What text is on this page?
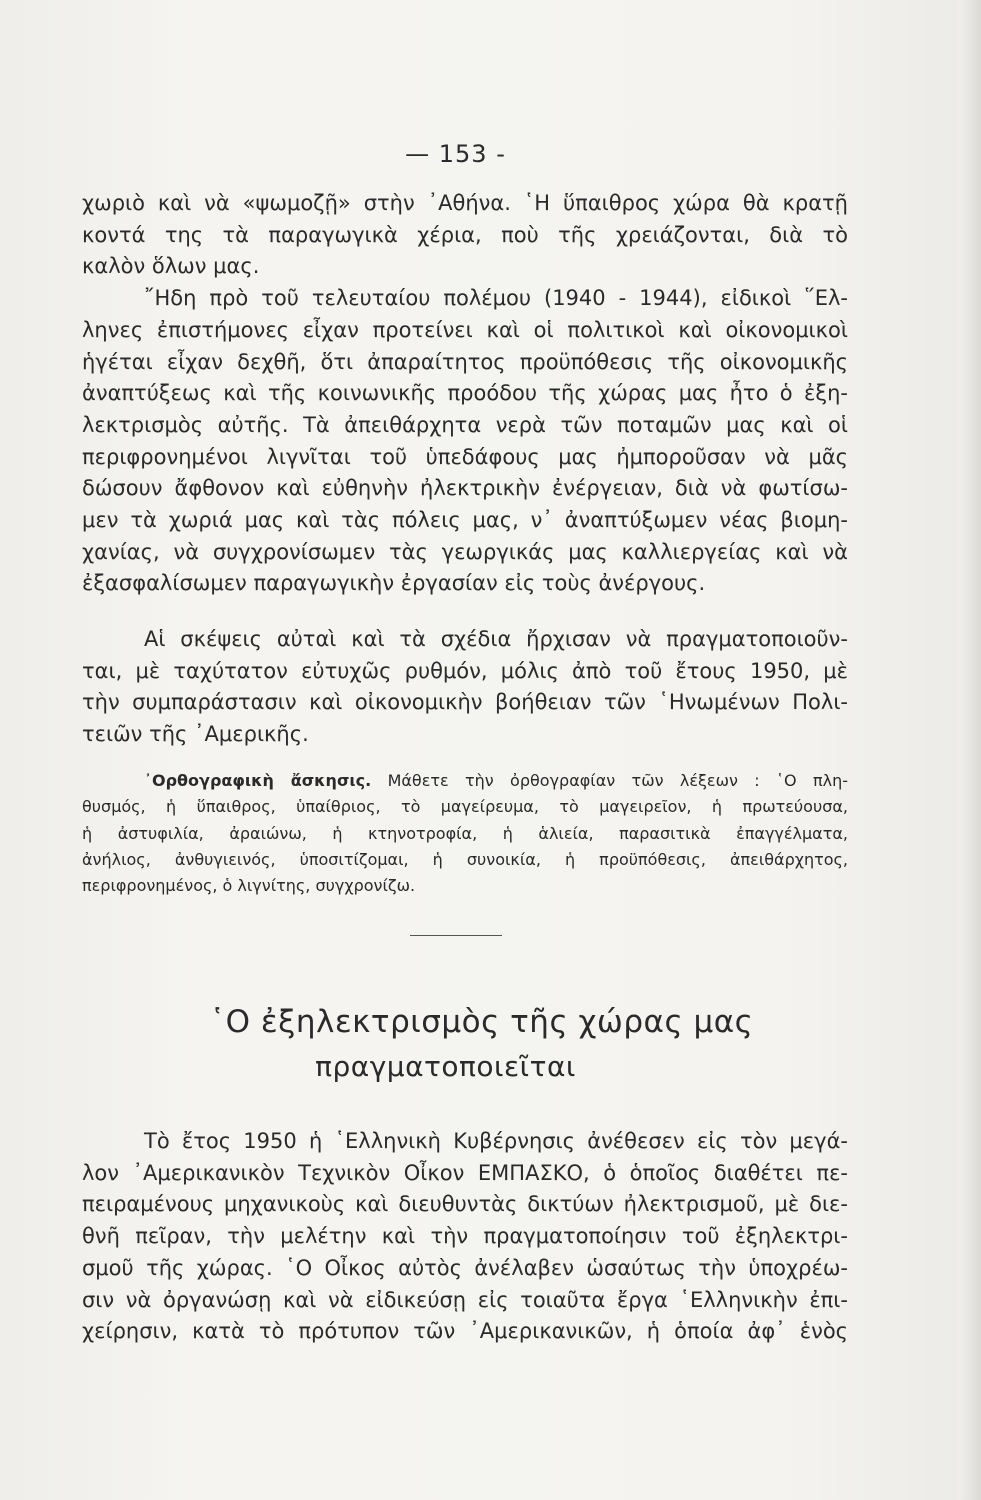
— 153 -
χωριὸ καὶ νὰ «ψωμοζῇ» στὴν ᾿Αθήνα. ῾Η ὕπαιθρος χώρα θὰ κρατῇ
κοντά της τὰ παραγωγικὰ χέρια, ποὺ τῆς χρειάζονται, διὰ τὸ
καλὸν ὅλων μας.
῎Ηδη πρὸ τοῦ τελευταίου πολέμου (1940 - 1944), εἰδικοὶ ῞Ελ-
ληνες ἐπιστήμονες εἶχαν προτείνει καὶ οἱ πολιτικοὶ καὶ οἰκονομικοὶ
ἡγέται εἶχαν δεχθῆ, ὅτι ἀπαραίτητος προϋπόθεσις τῆς οἰκονομικῆς
ἀναπτύξεως καὶ τῆς κοινωνικῆς προόδου τῆς χώρας μας ἦτο ὁ ἐξη-
λεκτρισμὸς αὐτῆς. Τὰ ἀπειθάρχητα νερὰ τῶν ποταμῶν μας καὶ οἱ
περιφρονημένοι λιγνῖται τοῦ ὑπεδάφους μας ἠμποροῦσαν νὰ μᾶς
δώσουν ἄφθονον καὶ εὐθηνὴν ἠλεκτρικὴν ἐνέργειαν, διὰ νὰ φωτίσω-
μεν τὰ χωριά μας καὶ τὰς πόλεις μας, ν᾿ ἀναπτύξωμεν νέας βιομη-
χανίας, νὰ συγχρονίσωμεν τὰς γεωργικάς μας καλλιεργείας καὶ νὰ
ἐξασφαλίσωμεν παραγωγικὴν ἐργασίαν εἰς τοὺς ἀνέργους.
Αἱ σκέψεις αὐταὶ καὶ τὰ σχέδια ἤρχισαν νὰ πραγματοποιοῦν-
ται, μὲ ταχύτατον εὐτυχῶς ρυθμόν, μόλις ἀπὸ τοῦ ἔτους 1950, μὲ
τὴν συμπαράστασιν καὶ οἰκονομικὴν βοήθειαν τῶν ῾Ηνωμένων Πολι-
τειῶν τῆς ᾿Αμερικῆς.
᾿Ορθογραφικὴ ἄσκησις. Μάθετε τὴν ὀρθογραφίαν τῶν λέξεων : ῾Ο πλη-
θυσμός, ἡ ὕπαιθρος, ὑπαίθριος, τὸ μαγείρευμα, τὸ μαγειρεῖον, ἡ πρωτεύουσα,
ἡ ἀστυφιλία, ἀραιώνω, ἡ κτηνοτροφία, ἡ ἁλιεία, παρασιτικὰ ἐπαγγέλματα,
ἀνήλιος, ἀνθυγιεινός, ὑποσιτίζομαι, ἡ συνοικία, ἡ προϋπόθεσις, ἀπειθάρχητος,
περιφρονημένος, ὁ λιγνίτης, συγχρονίζω.
῾Ο ἐξηλεκτρισμὸς τῆς χώρας μας
πραγματοποιεῖται
Τὸ ἔτος 1950 ἡ ῾Ελληνικὴ Κυβέρνησις ἀνέθεσεν εἰς τὸν μεγά-
λον ᾿Αμερικανικὸν Τεχνικὸν Οἶκον ΕΜΠΑΣΚΟ, ὁ ὁποῖος διαθέτει πε-
πειραμένους μηχανικοὺς καὶ διευθυντὰς δικτύων ἠλεκτρισμοῦ, μὲ διε-
θνῆ πεῖραν, τὴν μελέτην καὶ τὴν πραγματοποίησιν τοῦ ἐξηλεκτρι-
σμοῦ τῆς χώρας. ῾Ο Οἶκος αὐτὸς ἀνέλαβεν ὡσαύτως τὴν ὑποχρέω-
σιν νὰ ὀργανώσῃ καὶ νὰ εἰδικεύσῃ εἰς τοιαῦτα ἔργα ῾Ελληνικὴν ἐπι-
χείρησιν, κατὰ τὸ πρότυπον τῶν ᾿Αμερικανικῶν, ἡ ὁποία ἀφ᾿ ἑνὸς
